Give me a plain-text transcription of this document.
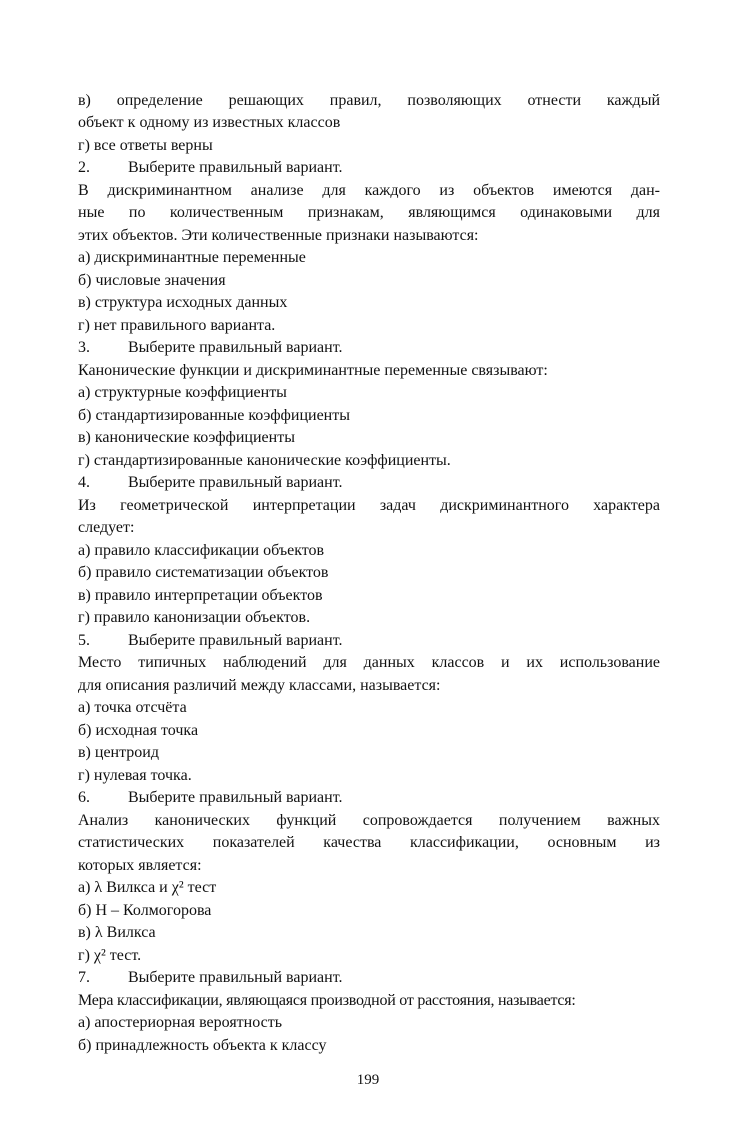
в) определение решающих правил, позволяющих отнести каждый
объект к одному из известных классов
г) все ответы верны
2. Выберите правильный вариант.
В дискриминантном анализе для каждого из объектов имеются дан-
ные по количественным признакам, являющимся одинаковыми для
этих объектов. Эти количественные признаки называются:
а) дискриминантные переменные
б) числовые значения
в) структура исходных данных
г) нет правильного варианта.
3. Выберите правильный вариант.
Канонические функции и дискриминантные переменные связывают:
а) структурные коэффициенты
б) стандартизированные коэффициенты
в) канонические коэффициенты
г) стандартизированные канонические коэффициенты.
4. Выберите правильный вариант.
Из геометрической интерпретации задач дискриминантного характера
следует:
а) правило классификации объектов
б) правило систематизации объектов
в) правило интерпретации объектов
г) правило канонизации объектов.
5. Выберите правильный вариант.
Место типичных наблюдений для данных классов и их использование
для описания различий между классами, называется:
а) точка отсчёта
б) исходная точка
в) центроид
г) нулевая точка.
6. Выберите правильный вариант.
Анализ канонических функций сопровождается получением важных
статистических показателей качества классификации, основным из
которых является:
а) λ Вилкса и χ² тест
б) H – Колмогорова
в) λ Вилкса
г) χ² тест.
7. Выберите правильный вариант.
Мера классификации, являющаяся производной от расстояния, называется:
а) апостериорная вероятность
б) принадлежность объекта к классу
199
